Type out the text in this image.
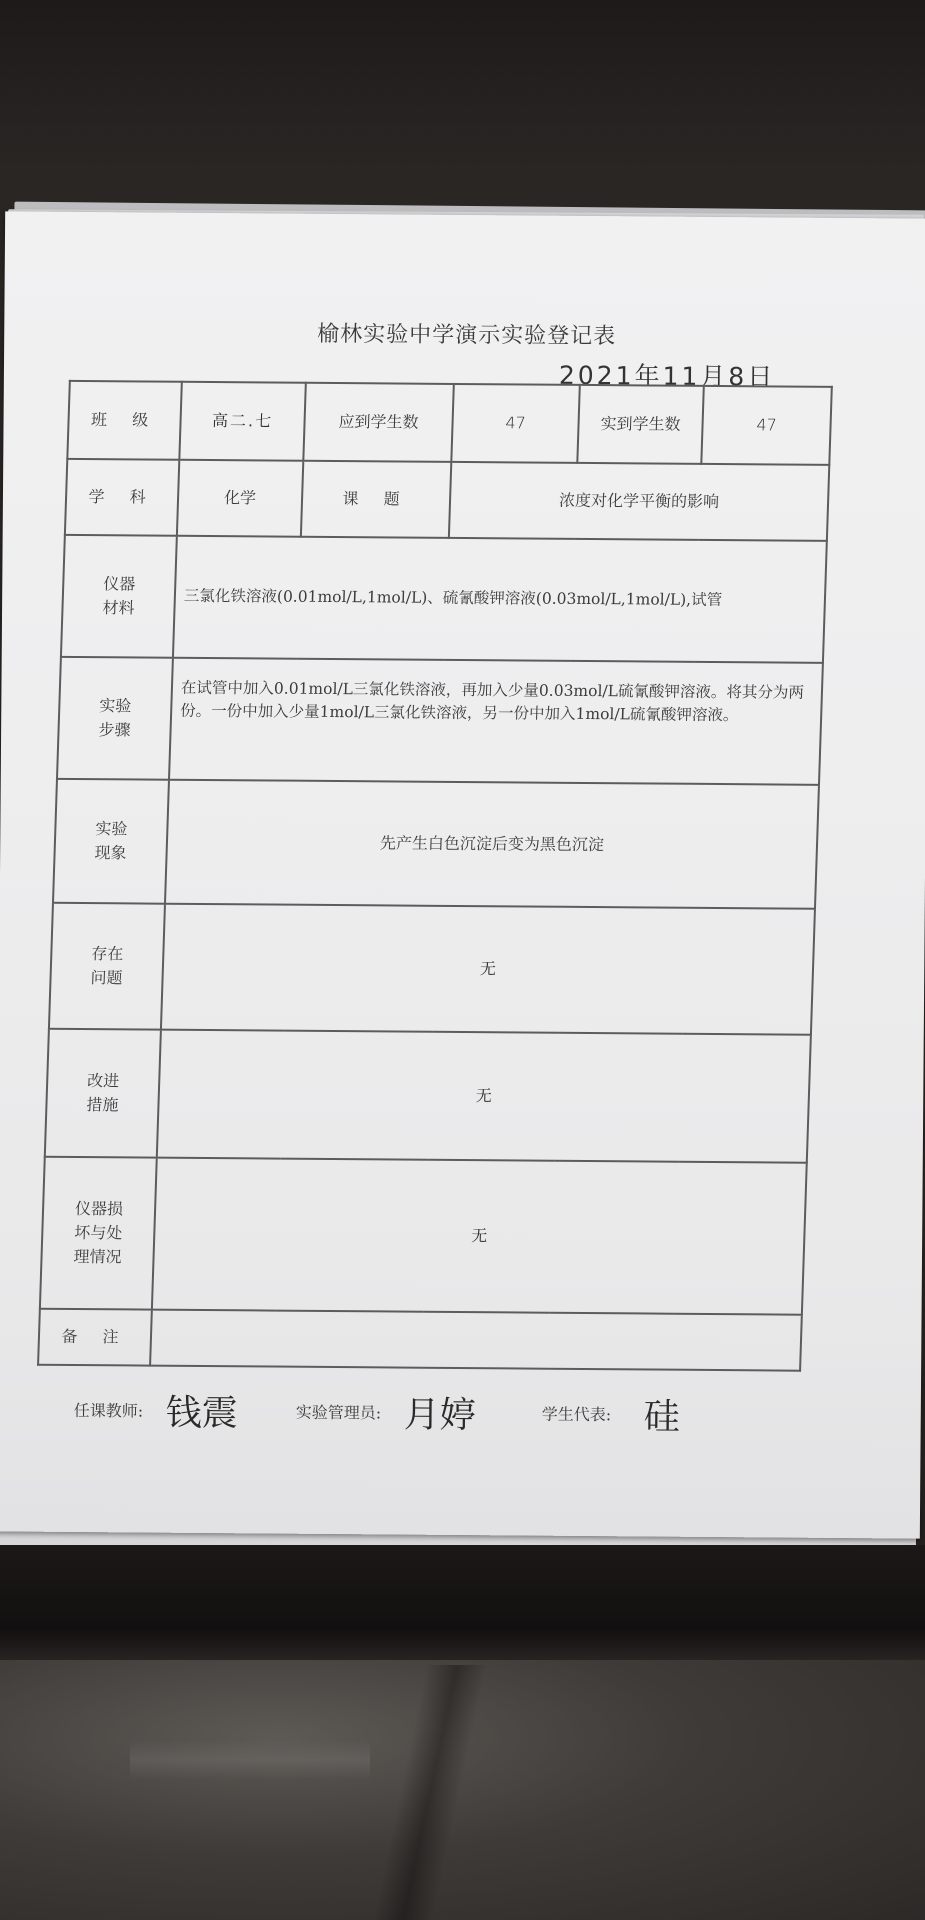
榆林实验中学演示实验登记表
2021年11月8日
班 级	高二.七	应到学生数	47	实到学生数	47
学 科	化学	课 题	浓度对化学平衡的影响		
仪器材料	三氯化铁溶液(0.01mol/L,1mol/L)、硫氰酸钾溶液(0.03mol/L,1mol/L),试管				
实验步骤	在试管中加入0.01mol/L三氯化铁溶液，再加入少量0.03mol/L硫氰酸钾溶液。将其分为两份。一份中加入少量1mol/L三氯化铁溶液，另一份中加入1mol/L硫氰酸钾溶液。				
实验现象	先产生白色沉淀后变为黑色沉淀				
存在问题	无				
改进措施	无				
仪器损坏与处理情况	无				
备 注					
任课教师: 钱震	实验管理员: 月婷	学生代表: 硅
